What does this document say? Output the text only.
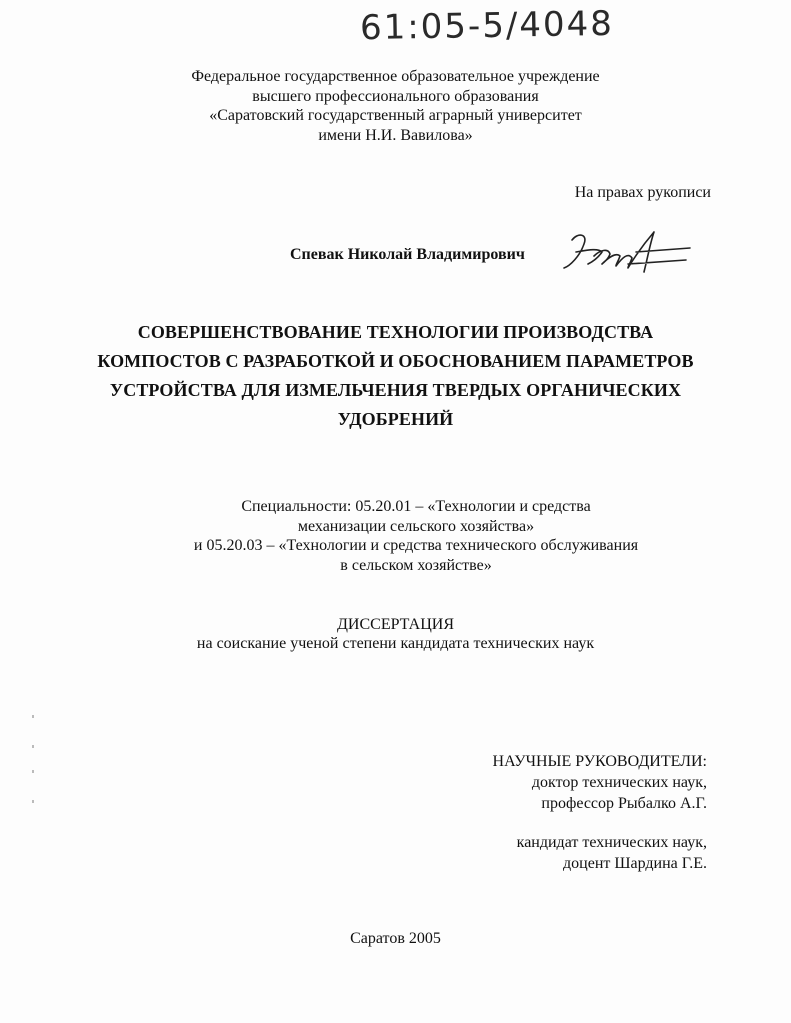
61:05-5/4048
Федеральное государственное образовательное учреждение
высшего профессионального образования
«Саратовский государственный аграрный университет
имени Н.И. Вавилова»
На правах рукописи
Спевак Николай Владимирович
СОВЕРШЕНСТВОВАНИЕ ТЕХНОЛОГИИ ПРОИЗВОДСТВА
КОМПОСТОВ С РАЗРАБОТКОЙ И ОБОСНОВАНИЕМ ПАРАМЕТРОВ
УСТРОЙСТВА ДЛЯ ИЗМЕЛЬЧЕНИЯ ТВЕРДЫХ ОРГАНИЧЕСКИХ
УДОБРЕНИЙ
Специальности: 05.20.01 – «Технологии и средства
механизации сельского хозяйства»
и 05.20.03 – «Технологии и средства технического обслуживания
в сельском хозяйстве»
ДИССЕРТАЦИЯ
на соискание ученой степени кандидата технических наук
НАУЧНЫЕ РУКОВОДИТЕЛИ:
доктор технических наук,
профессор Рыбалко А.Г.
кандидат технических наук,
доцент Шардина Г.Е.
Саратов 2005
